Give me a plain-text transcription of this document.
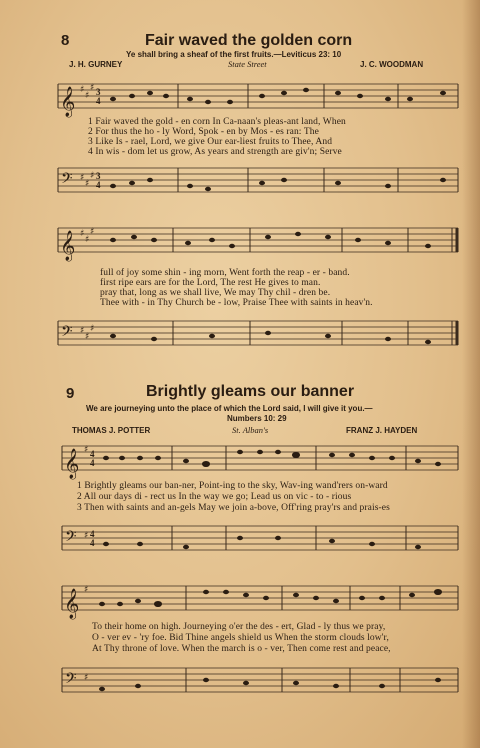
8	Fair waved the golden corn
Ye shall bring a sheaf of the first fruits.—Leviticus 23: 10
J. H. GURNEY	State Street	J. C. WOODMAN
𝄞 ♯
♯
♯ 3
4
1 Fair waved the gold - en corn In Ca-naan's pleas-ant land, When
2 For thus the ho - ly Word, Spok - en by Mos - es ran: The
3 Like Is - rael, Lord, we give Our ear-liest fruits to Thee, And
4 In wis - dom let us grow, As years and strength are giv'n; Serve
𝄢 ♯
♯
♯ 3
4
𝄞 ♯
♯
♯
full of joy some shin - ing morn, Went forth the reap - er - band.
first ripe ears are for the Lord, The rest He gives to man.
pray that, long as we shall live, We may Thy chil - dren be.
Thee with - in Thy Church be - low, Praise Thee with saints in heav'n.
𝄢 ♯
♯
♯
9	Brightly gleams our banner
We are journeying unto the place of which the Lord said, I will give it you.—
Numbers 10: 29
THOMAS J. POTTER	St. Alban's	FRANZ J. HAYDEN
𝄞 ♯ 4
4
1 Brightly gleams our ban-ner, Point-ing to the sky, Wav-ing wand'rers on-ward
2 All our days di - rect us In the way we go; Lead us on vic - to - rious
3 Then with saints and an-gels May we join a-bove, Off'ring pray'rs and prais-es
𝄢 ♯ 4
4
𝄞 ♯
To their home on high. Journeying o'er the des - ert, Glad - ly thus we pray,
O - ver ev - 'ry foe. Bid Thine angels shield us When the storm clouds low'r,
At Thy throne of love. When the march is o - ver, Then come rest and peace,
𝄢 ♯
